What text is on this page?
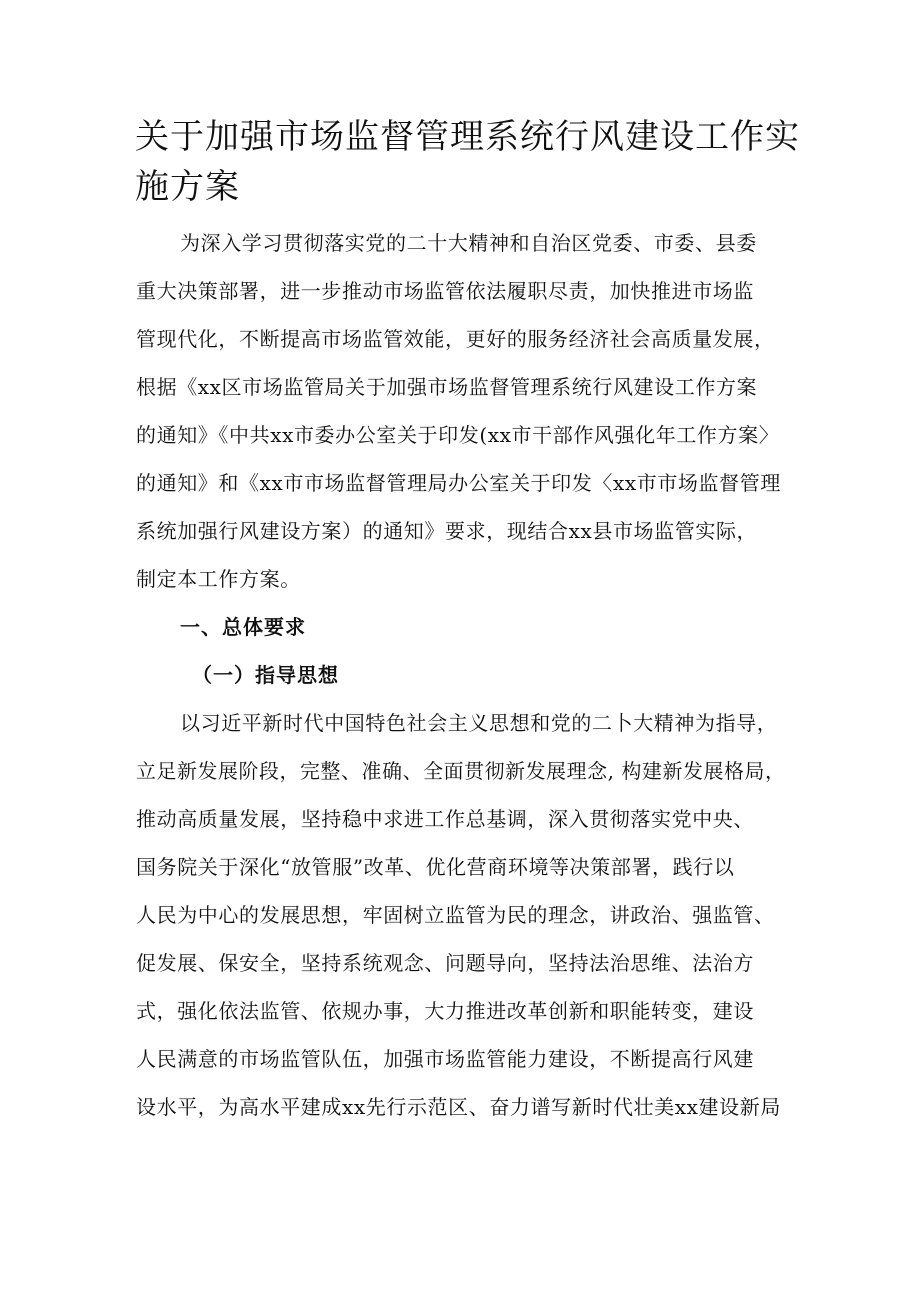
关于加强市场监督管理系统行风建设工作实
施方案
为深入学习贯彻落实党的二十大精神和自治区党委、市委、县委
重大决策部署，进一步推动市场监管依法履职尽责，加快推进市场监
管现代化，不断提高市场监管效能，更好的服务经济社会高质量发展，
根据《xx区市场监管局关于加强市场监督管理系统行风建设工作方案
的通知》《中共xx市委办公室关于印发(xx市干部作风强化年工作方案〉
的通知》和《xx市市场监督管理局办公室关于印发〈xx市市场监督管理
系统加强行风建设方案）的通知》要求，现结合xx县市场监管实际，
制定本工作方案。
一、总体要求
（一）指导思想
以习近平新时代中国特色社会主义思想和党的二卜大精神为指导，
立足新发展阶段，完整、准确、全面贯彻新发展理念, 构建新发展格局，
推动高质量发展，坚持稳中求进工作总基调，深入贯彻落实党中央、
国务院关于深化“放管服”改革、优化营商环境等决策部署，践行以
人民为中心的发展思想，牢固树立监管为民的理念，讲政治、强监管、
促发展、保安全，坚持系统观念、问题导向，坚持法治思维、法治方
式，强化依法监管、依规办事，大力推进改革创新和职能转变，建设
人民满意的市场监管队伍，加强市场监管能力建设，不断提高行风建
设水平，为高水平建成xx先行示范区、奋力谱写新时代壮美xx建设新局
